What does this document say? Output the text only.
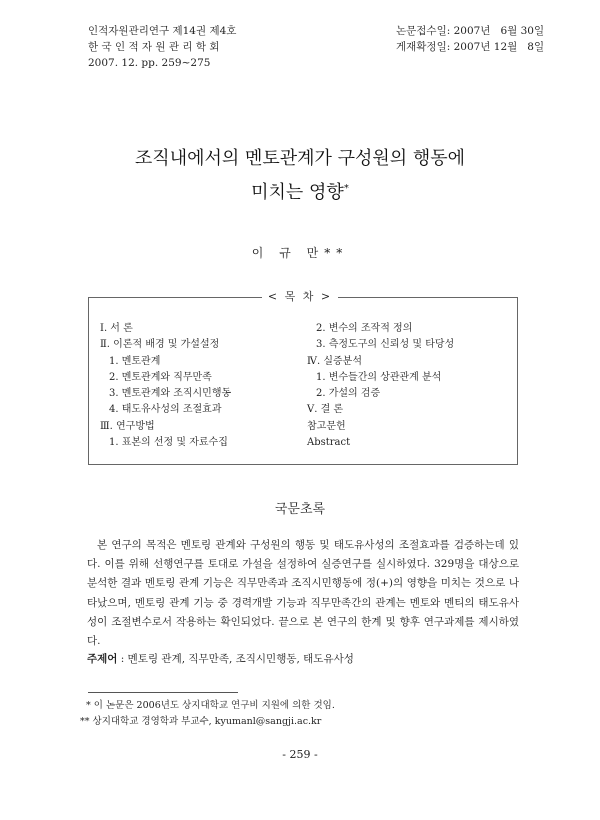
인적자원관리연구 제14권 제4호
한 국 인 적 자 원 관 리 학 회
2007. 12. pp. 259∼275
논문접수일: 2007년   6월 30일
게재확정일: 2007년 12월   8일
조직내에서의 멘토관계가 구성원의 행동에
미치는 영향*
이 규 만**
< 목 차 >
Ⅰ. 서 론
Ⅱ. 이론적 배경 및 가설설정
1. 멘토관계
2. 멘토관계와 직무만족
3. 멘토관계와 조직시민행동
4. 태도유사성의 조절효과
Ⅲ. 연구방법
1. 표본의 선정 및 자료수집
2. 변수의 조작적 정의
3. 측정도구의 신뢰성 및 타당성
Ⅳ. 실증분석
1. 변수들간의 상관관계 분석
2. 가설의 검증
Ⅴ. 결 론
참고문헌
Abstract
국문초록
본 연구의 목적은 멘토링 관계와 구성원의 행동 및 태도유사성의 조절효과를 검증하는데 있다. 이를 위해 선행연구를 토대로 가설을 설정하여 실증연구를 실시하였다. 329명을 대상으로 분석한 결과 멘토링 관계 기능은 직무만족과 조직시민행동에 정(+)의 영향을 미치는 것으로 나타났으며, 멘토링 관계 기능 중 경력개발 기능과 직무만족간의 관계는 멘토와 멘티의 태도유사성이 조절변수로서 작용하는 확인되었다. 끝으로 본 연구의 한계 및 향후 연구과제를 제시하였다.
주제어 : 멘토링 관계, 직무만족, 조직시민행동, 태도유사성
* 이 논문은 2006년도 상지대학교 연구비 지원에 의한 것임.
** 상지대학교 경영학과 부교수, kyumanl@sangji.ac.kr
- 259 -
